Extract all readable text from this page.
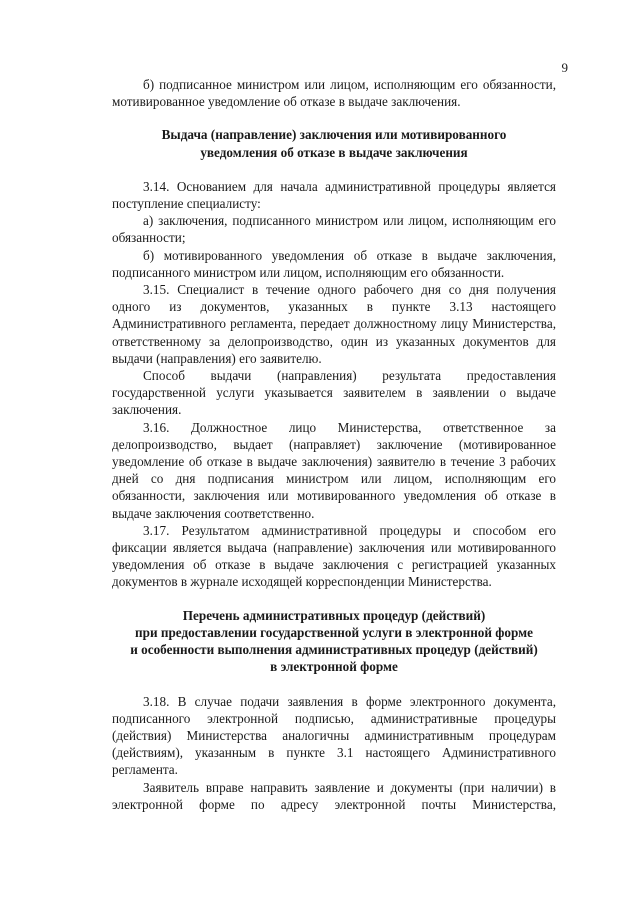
9

б) подписанное министром или лицом, исполняющим его обязанности, мотивированное уведомление об отказе в выдаче заключения.

Выдача (направление) заключения или мотивированного
уведомления об отказе в выдаче заключения

3.14. Основанием для начала административной процедуры является поступление специалисту:

а) заключения, подписанного министром или лицом, исполняющим его обязанности;

б) мотивированного уведомления об отказе в выдаче заключения, подписанного министром или лицом, исполняющим его обязанности.

3.15. Специалист в течение одного рабочего дня со дня получения одного из документов, указанных в пункте 3.13 настоящего Административного регламента, передает должностному лицу Министерства, ответственному за делопроизводство, один из указанных документов для выдачи (направления) его заявителю.

Способ выдачи (направления) результата предоставления государственной услуги указывается заявителем в заявлении о выдаче заключения.

3.16. Должностное лицо Министерства, ответственное за делопроизводство, выдает (направляет) заключение (мотивированное уведомление об отказе в выдаче заключения) заявителю в течение 3 рабочих дней со дня подписания министром или лицом, исполняющим его обязанности, заключения или мотивированного уведомления об отказе в выдаче заключения соответственно.

3.17. Результатом административной процедуры и способом его фиксации является выдача (направление) заключения или мотивированного уведомления об отказе в выдаче заключения с регистрацией указанных документов в журнале исходящей корреспонденции Министерства.

Перечень административных процедур (действий)
при предоставлении государственной услуги в электронной форме
и особенности выполнения административных процедур (действий)
в электронной форме

3.18. В случае подачи заявления в форме электронного документа, подписанного электронной подписью, административные процедуры (действия) Министерства аналогичны административным процедурам (действиям), указанным в пункте 3.1 настоящего Административного регламента.

Заявитель вправе направить заявление и документы (при наличии) в электронной форме по адресу электронной почты Министерства,
